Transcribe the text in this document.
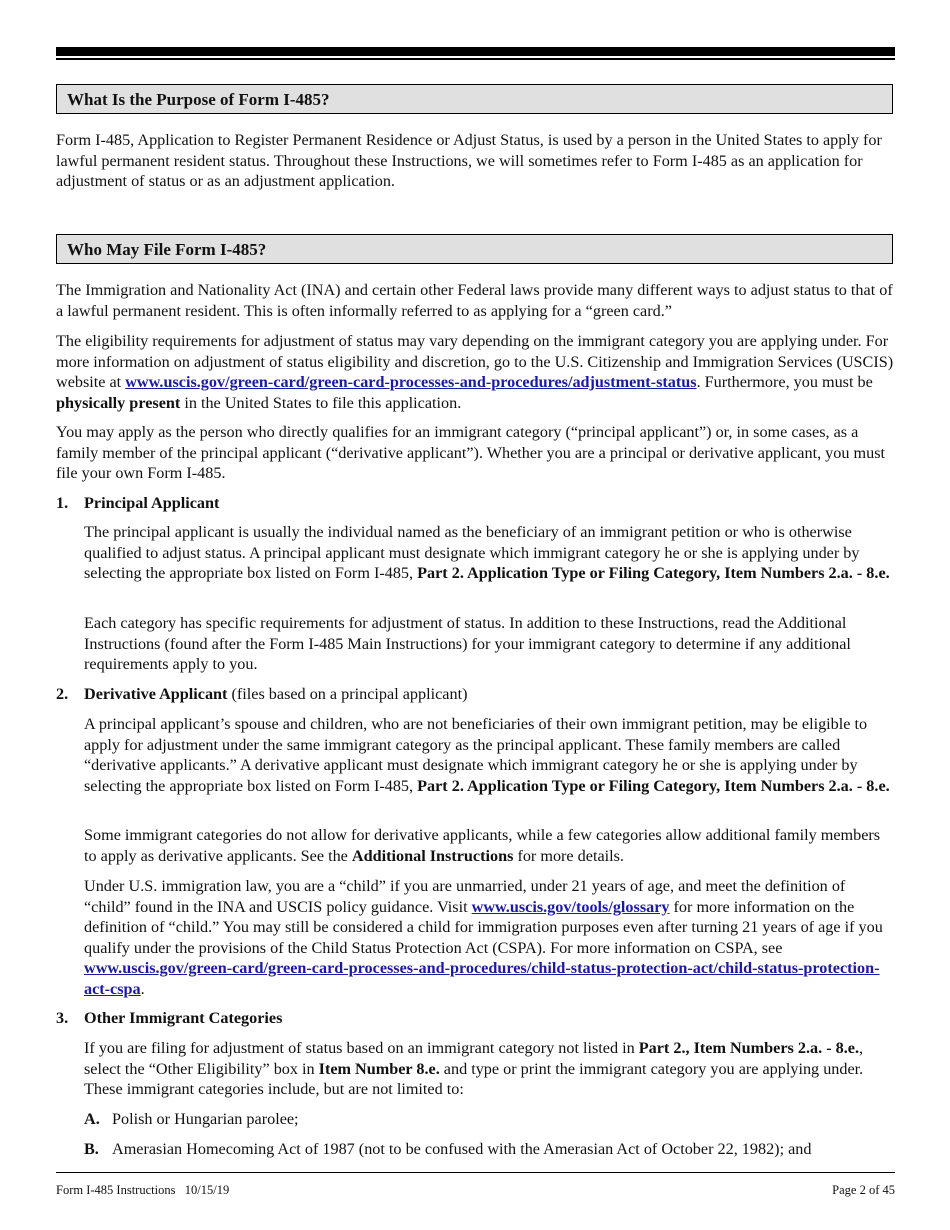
What Is the Purpose of Form I-485?

Form I-485, Application to Register Permanent Residence or Adjust Status, is used by a person in the United States to apply for lawful permanent resident status. Throughout these Instructions, we will sometimes refer to Form I-485 as an application for adjustment of status or as an adjustment application.

Who May File Form I-485?

The Immigration and Nationality Act (INA) and certain other Federal laws provide many different ways to adjust status to that of a lawful permanent resident. This is often informally referred to as applying for a “green card.”

The eligibility requirements for adjustment of status may vary depending on the immigrant category you are applying under. For more information on adjustment of status eligibility and discretion, go to the U.S. Citizenship and Immigration Services (USCIS) website at www.uscis.gov/green-card/green-card-processes-and-procedures/adjustment-status. Furthermore, you must be physically present in the United States to file this application.

You may apply as the person who directly qualifies for an immigrant category (“principal applicant”) or, in some cases, as a family member of the principal applicant (“derivative applicant”). Whether you are a principal or derivative applicant, you must file your own Form I-485.

1. Principal Applicant

The principal applicant is usually the individual named as the beneficiary of an immigrant petition or who is otherwise qualified to adjust status. A principal applicant must designate which immigrant category he or she is applying under by selecting the appropriate box listed on Form I-485, Part 2. Application Type or Filing Category, Item Numbers 2.a. - 8.e.

Each category has specific requirements for adjustment of status. In addition to these Instructions, read the Additional Instructions (found after the Form I-485 Main Instructions) for your immigrant category to determine if any additional requirements apply to you.

2. Derivative Applicant (files based on a principal applicant)

A principal applicant’s spouse and children, who are not beneficiaries of their own immigrant petition, may be eligible to apply for adjustment under the same immigrant category as the principal applicant. These family members are called “derivative applicants.” A derivative applicant must designate which immigrant category he or she is applying under by selecting the appropriate box listed on Form I-485, Part 2. Application Type or Filing Category, Item Numbers 2.a. - 8.e.

Some immigrant categories do not allow for derivative applicants, while a few categories allow additional family members to apply as derivative applicants. See the Additional Instructions for more details.

Under U.S. immigration law, you are a “child” if you are unmarried, under 21 years of age, and meet the definition of “child” found in the INA and USCIS policy guidance. Visit www.uscis.gov/tools/glossary for more information on the definition of “child.” You may still be considered a child for immigration purposes even after turning 21 years of age if you qualify under the provisions of the Child Status Protection Act (CSPA). For more information on CSPA, see www.uscis.gov/green-card/green-card-processes-and-procedures/child-status-protection-act/child-status-protection-act-cspa.

3. Other Immigrant Categories

If you are filing for adjustment of status based on an immigrant category not listed in Part 2., Item Numbers 2.a. - 8.e., select the “Other Eligibility” box in Item Number 8.e. and type or print the immigrant category you are applying under. These immigrant categories include, but are not limited to:

A. Polish or Hungarian parolee;

B. Amerasian Homecoming Act of 1987 (not to be confused with the Amerasian Act of October 22, 1982); and

Form I-485 Instructions   10/15/19	Page 2 of 45
